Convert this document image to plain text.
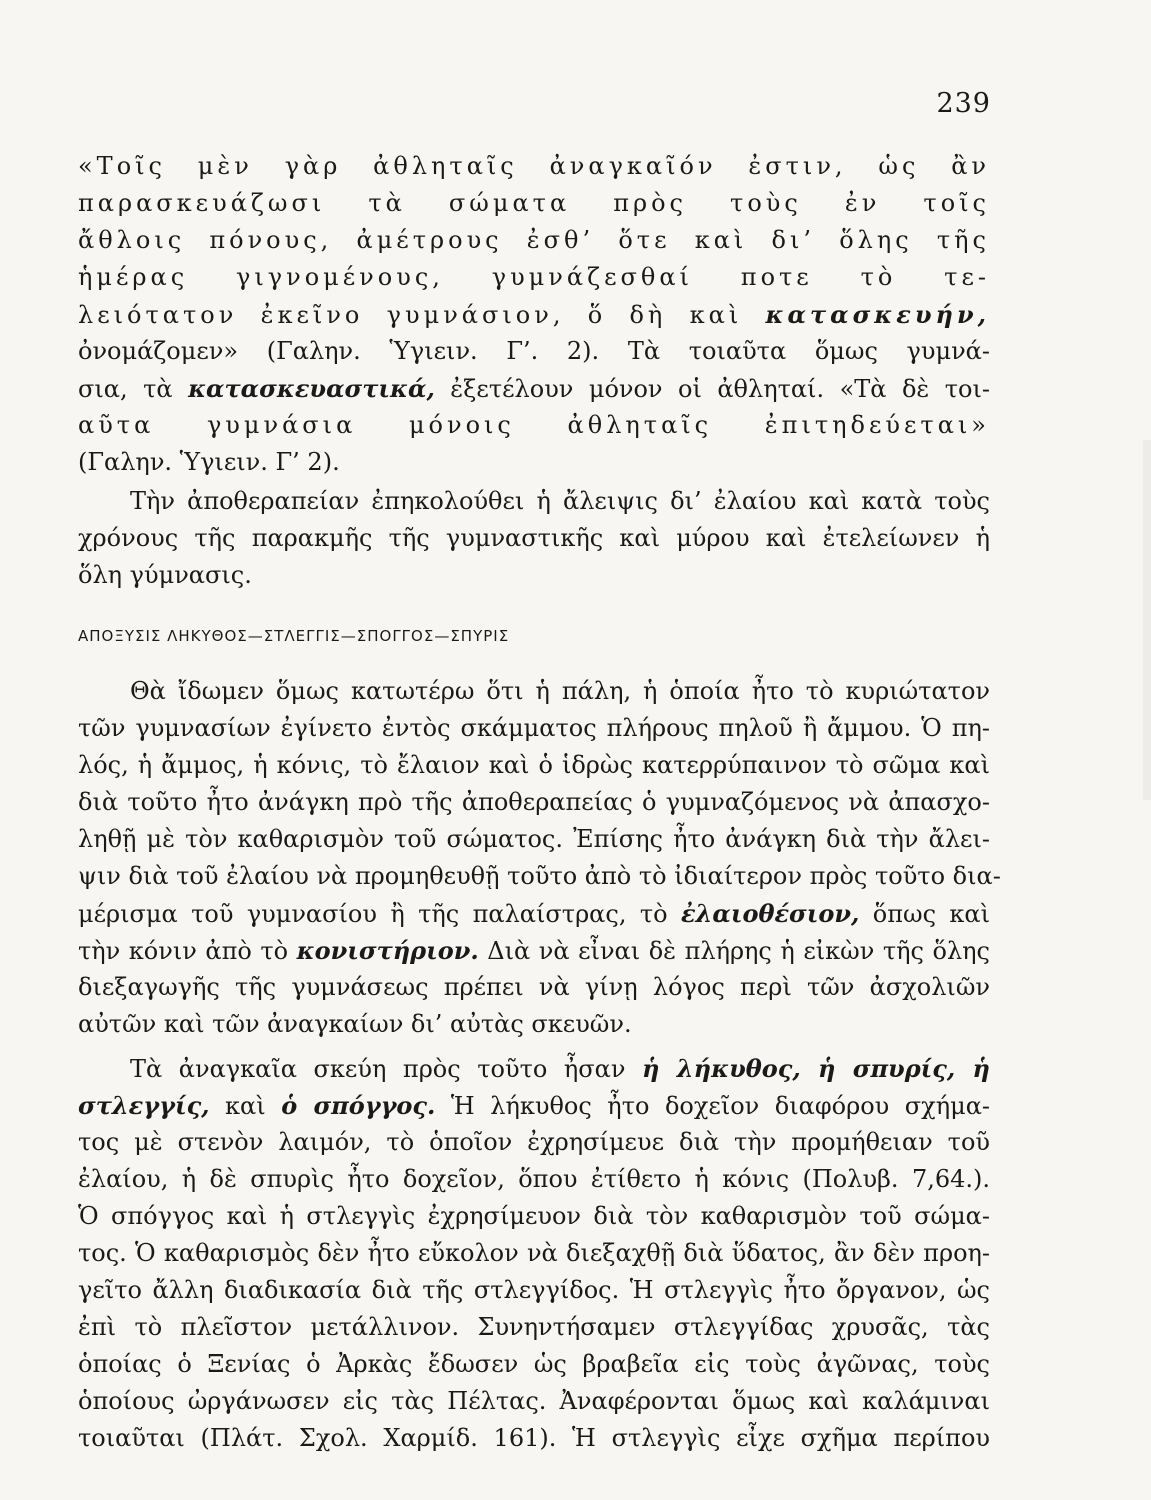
239
«Τοῖς μὲν γὰρ ἀθληταῖς ἀναγκαῖόν ἐστιν, ὡς ἂν
παρασκευάζωσι τὰ σώματα πρὸς τοὺς ἐν τοῖς
ἄθλοις πόνους, ἀμέτρους ἐσθ’ ὅτε καὶ δι’ ὅλης τῆς
ἡμέρας γιγνομένους, γυμνάζεσθαί ποτε τὸ τε-
λειότατον ἐκεῖνο γυμνάσιον, ὅ δὴ καὶ κατασκευήν,
ὀνομάζομεν» (Γαλην. Ὑγιειν. Γ’. 2). Τὰ τοιαῦτα ὅμως γυμνά-
σια, τὰ κατασκευαστικά, ἐξετέλουν μόνον οἱ ἀθληταί. «Τὰ δὲ τοι-
αῦτα γυμνάσια μόνοις ἀθληταῖς ἐπιτηδεύεται»
(Γαλην. Ὑγιειν. Γ’ 2).
Τὴν ἀποθεραπείαν ἐπηκολούθει ἡ ἄλειψις δι’ ἐλαίου καὶ κατὰ τοὺς
χρόνους τῆς παρακμῆς τῆς γυμναστικῆς καὶ μύρου καὶ ἐτελείωνεν ἡ
ὅλη γύμνασις.
ΑΠΟΞΥΣΙΣ ΛΗΚΥΘΟΣ—ΣΤΛΕΓΓΙΣ—ΣΠΟΓΓΟΣ—ΣΠΥΡΙΣ
Θὰ ἴδωμεν ὅμως κατωτέρω ὅτι ἡ πάλη, ἡ ὁποία ἦτο τὸ κυριώτατον
τῶν γυμνασίων ἐγίνετο ἐντὸς σκάμματος πλήρους πηλοῦ ἢ ἄμμου. Ὁ πη-
λός, ἡ ἄμμος, ἡ κόνις, τὸ ἔλαιον καὶ ὁ ἱδρὼς κατερρύπαινον τὸ σῶμα καὶ
διὰ τοῦτο ἦτο ἀνάγκη πρὸ τῆς ἀποθεραπείας ὁ γυμναζόμενος νὰ ἀπασχο-
ληθῇ μὲ τὸν καθαρισμὸν τοῦ σώματος. Ἐπίσης ἦτο ἀνάγκη διὰ τὴν ἄλει-
ψιν διὰ τοῦ ἐλαίου νὰ προμηθευθῇ τοῦτο ἀπὸ τὸ ἰδιαίτερον πρὸς τοῦτο δια-
μέρισμα τοῦ γυμνασίου ἢ τῆς παλαίστρας, τὸ ἐλαιοθέσιον, ὅπως καὶ
τὴν κόνιν ἀπὸ τὸ κονιστήριον. Διὰ νὰ εἶναι δὲ πλήρης ἡ εἰκὼν τῆς ὅλης
διεξαγωγῆς τῆς γυμνάσεως πρέπει νὰ γίνῃ λόγος περὶ τῶν ἀσχολιῶν
αὐτῶν καὶ τῶν ἀναγκαίων δι’ αὐτὰς σκευῶν.
Τὰ ἀναγκαῖα σκεύη πρὸς τοῦτο ἦσαν ἡ λήκυθος, ἡ σπυρίς, ἡ
στλεγγίς, καὶ ὁ σπόγγος. Ἡ λήκυθος ἦτο δοχεῖον διαφόρου σχήμα-
τος μὲ στενὸν λαιμόν, τὸ ὁποῖον ἐχρησίμευε διὰ τὴν προμήθειαν τοῦ
ἐλαίου, ἡ δὲ σπυρὶς ἦτο δοχεῖον, ὅπου ἐτίθετο ἡ κόνις (Πολυβ. 7,64.).
Ὁ σπόγγος καὶ ἡ στλεγγὶς ἐχρησίμευον διὰ τὸν καθαρισμὸν τοῦ σώμα-
τος. Ὁ καθαρισμὸς δὲν ἦτο εὔκολον νὰ διεξαχθῇ διὰ ὕδατος, ἂν δὲν προη-
γεῖτο ἄλλη διαδικασία διὰ τῆς στλεγγίδος. Ἡ στλεγγὶς ἦτο ὄργανον, ὡς
ἐπὶ τὸ πλεῖστον μετάλλινον. Συνηντήσαμεν στλεγγίδας χρυσᾶς, τὰς
ὁποίας ὁ Ξενίας ὁ Ἀρκὰς ἔδωσεν ὡς βραβεῖα εἰς τοὺς ἀγῶνας, τοὺς
ὁποίους ὠργάνωσεν εἰς τὰς Πέλτας. Ἀναφέρονται ὅμως καὶ καλάμιναι
τοιαῦται (Πλάτ. Σχολ. Χαρμίδ. 161). Ἡ στλεγγὶς εἶχε σχῆμα περίπου
